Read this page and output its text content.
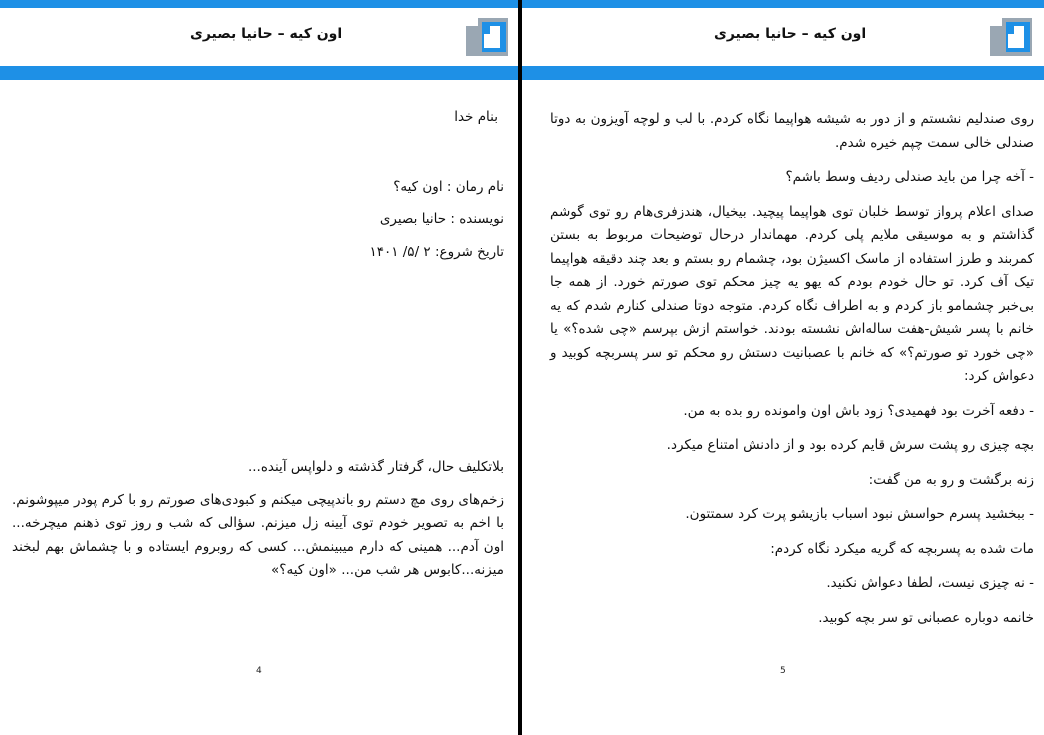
اون کیه – حانیا بصیری

بنام خدا

نام رمان : اون کیه؟

نویسنده : حانیا بصیری

تاریخ شروع: ۲ /۵/ ۱۴۰۱

بلاتکلیف حال، گرفتار گذشته و دلواپس آینده...

زخم‌های روی مچ دستم رو باندپیچی میکنم و کبودی‌های صورتم رو با کرم پودر میپوشونم. با اخم به تصویر خودم توی آیینه زل میزنم. سؤالی که شب و روز توی ذهنم میچرخه... اون آدم... همینی که دارم میبینمش... کسی که روبروم ایستاده و با چشماش بهم لبخند میزنه...کابوس هر شب من... «اون کیه؟»

4
اون کیه – حانیا بصیری

روی صندلیم نشستم و از دور به شیشه هواپیما نگاه کردم. با لب و لوچه آویزون به دوتا صندلی خالی سمت چپم خیره شدم.

- آخه چرا من باید صندلی ردیف وسط باشم؟

صدای اعلام پرواز توسط خلبان توی هواپیما پیچید. بیخیال، هندزفری‌هام رو توی گوشم گذاشتم و به موسیقی ملایم پلی کردم. مهماندار درحال توضیحات مربوط به بستن کمربند و طرز استفاده از ماسک اکسیژن بود، چشمام رو بستم و بعد چند دقیقه هواپیما تیک آف کرد. تو حال خودم بودم که یهو یه چیز محکم توی صورتم خورد. از همه جا بی‌خبر چشمامو باز کردم و به اطراف نگاه کردم. متوجه دوتا صندلی کنارم شدم که یه خانم با پسر شیش-هفت ساله‌اش نشسته بودند. خواستم ازش بپرسم «چی شده؟» یا «چی خورد تو صورتم؟» که خانم با عصبانیت دستش رو محکم تو سر پسربچه کوبید و دعواش کرد:

- دفعه آخرت بود فهمیدی؟ زود باش اون واموند‌ه رو بده به من.

بچه چیزی رو پشت سرش قایم کرده بود و از دادنش امتناع میکرد.

زنه برگشت و رو به من گفت:

- ببخشید پسرم حواسش نبود اسباب بازیشو پرت کرد سمتتون.

مات شده به پسربچه که گریه میکرد نگاه کردم:

- نه چیزی نیست، لطفا دعواش نکنید.

خانمه دوباره عصبانی تو سر بچه کوبید.

5
